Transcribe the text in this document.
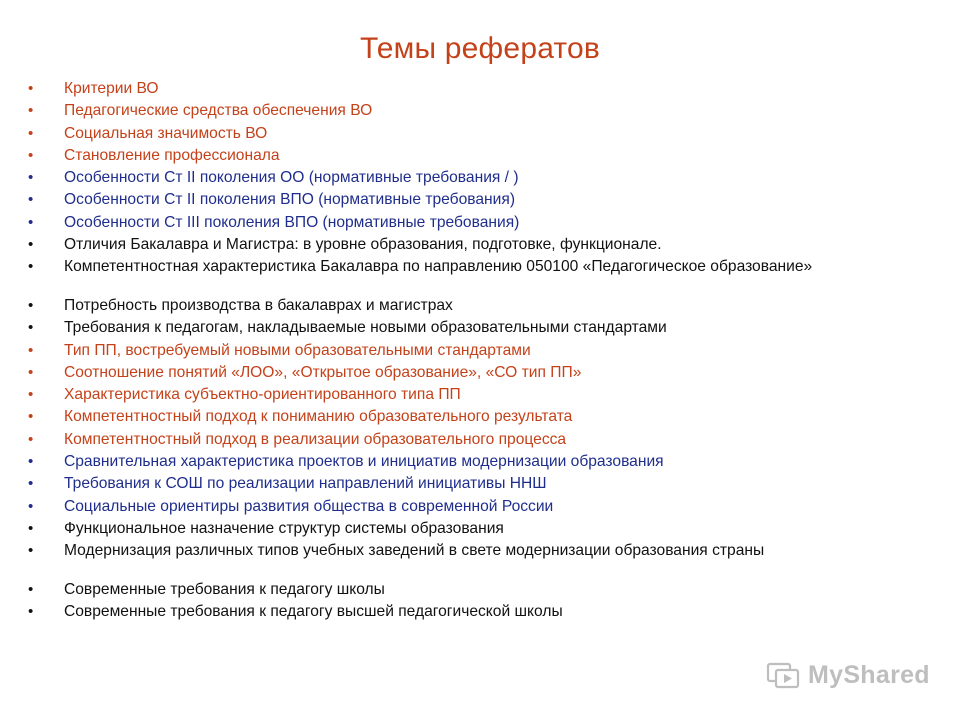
Темы рефератов
•	Критерии ВО
•	Педагогические средства обеспечения ВО
•	Социальная значимость ВО
•	Становление профессионала
•	Особенности Ст II поколения ОО (нормативные требования / )
•	Особенности Ст II поколения ВПО (нормативные требования)
•	Особенности Ст III поколения ВПО (нормативные требования)
•	Отличия Бакалавра и Магистра: в уровне образования, подготовке, функционале.
•	Компетентностная характеристика Бакалавра по направлению 050100 «Педагогическое образование»
•	Потребность производства в бакалаврах и магистрах
•	Требования к педагогам, накладываемые новыми образовательными стандартами
•	Тип ПП, востребуемый новыми образовательными стандартами
•	Соотношение понятий «ЛОО», «Открытое образование», «СО тип ПП»
•	Характеристика субъектно-ориентированного типа ПП
•	Компетентностный подход к пониманию образовательного результата
•	Компетентностный подход в реализации образовательного процесса
•	Сравнительная характеристика проектов и инициатив модернизации образования
•	Требования к СОШ по реализации направлений инициативы ННШ
•	Социальные ориентиры развития общества в современной России
•	Функциональное назначение структур системы образования
•	Модернизация различных типов учебных заведений в свете модернизации образования страны
•	Современные требования к педагогу школы
•	Современные требования к педагогу высшей педагогической школы
MyShared
